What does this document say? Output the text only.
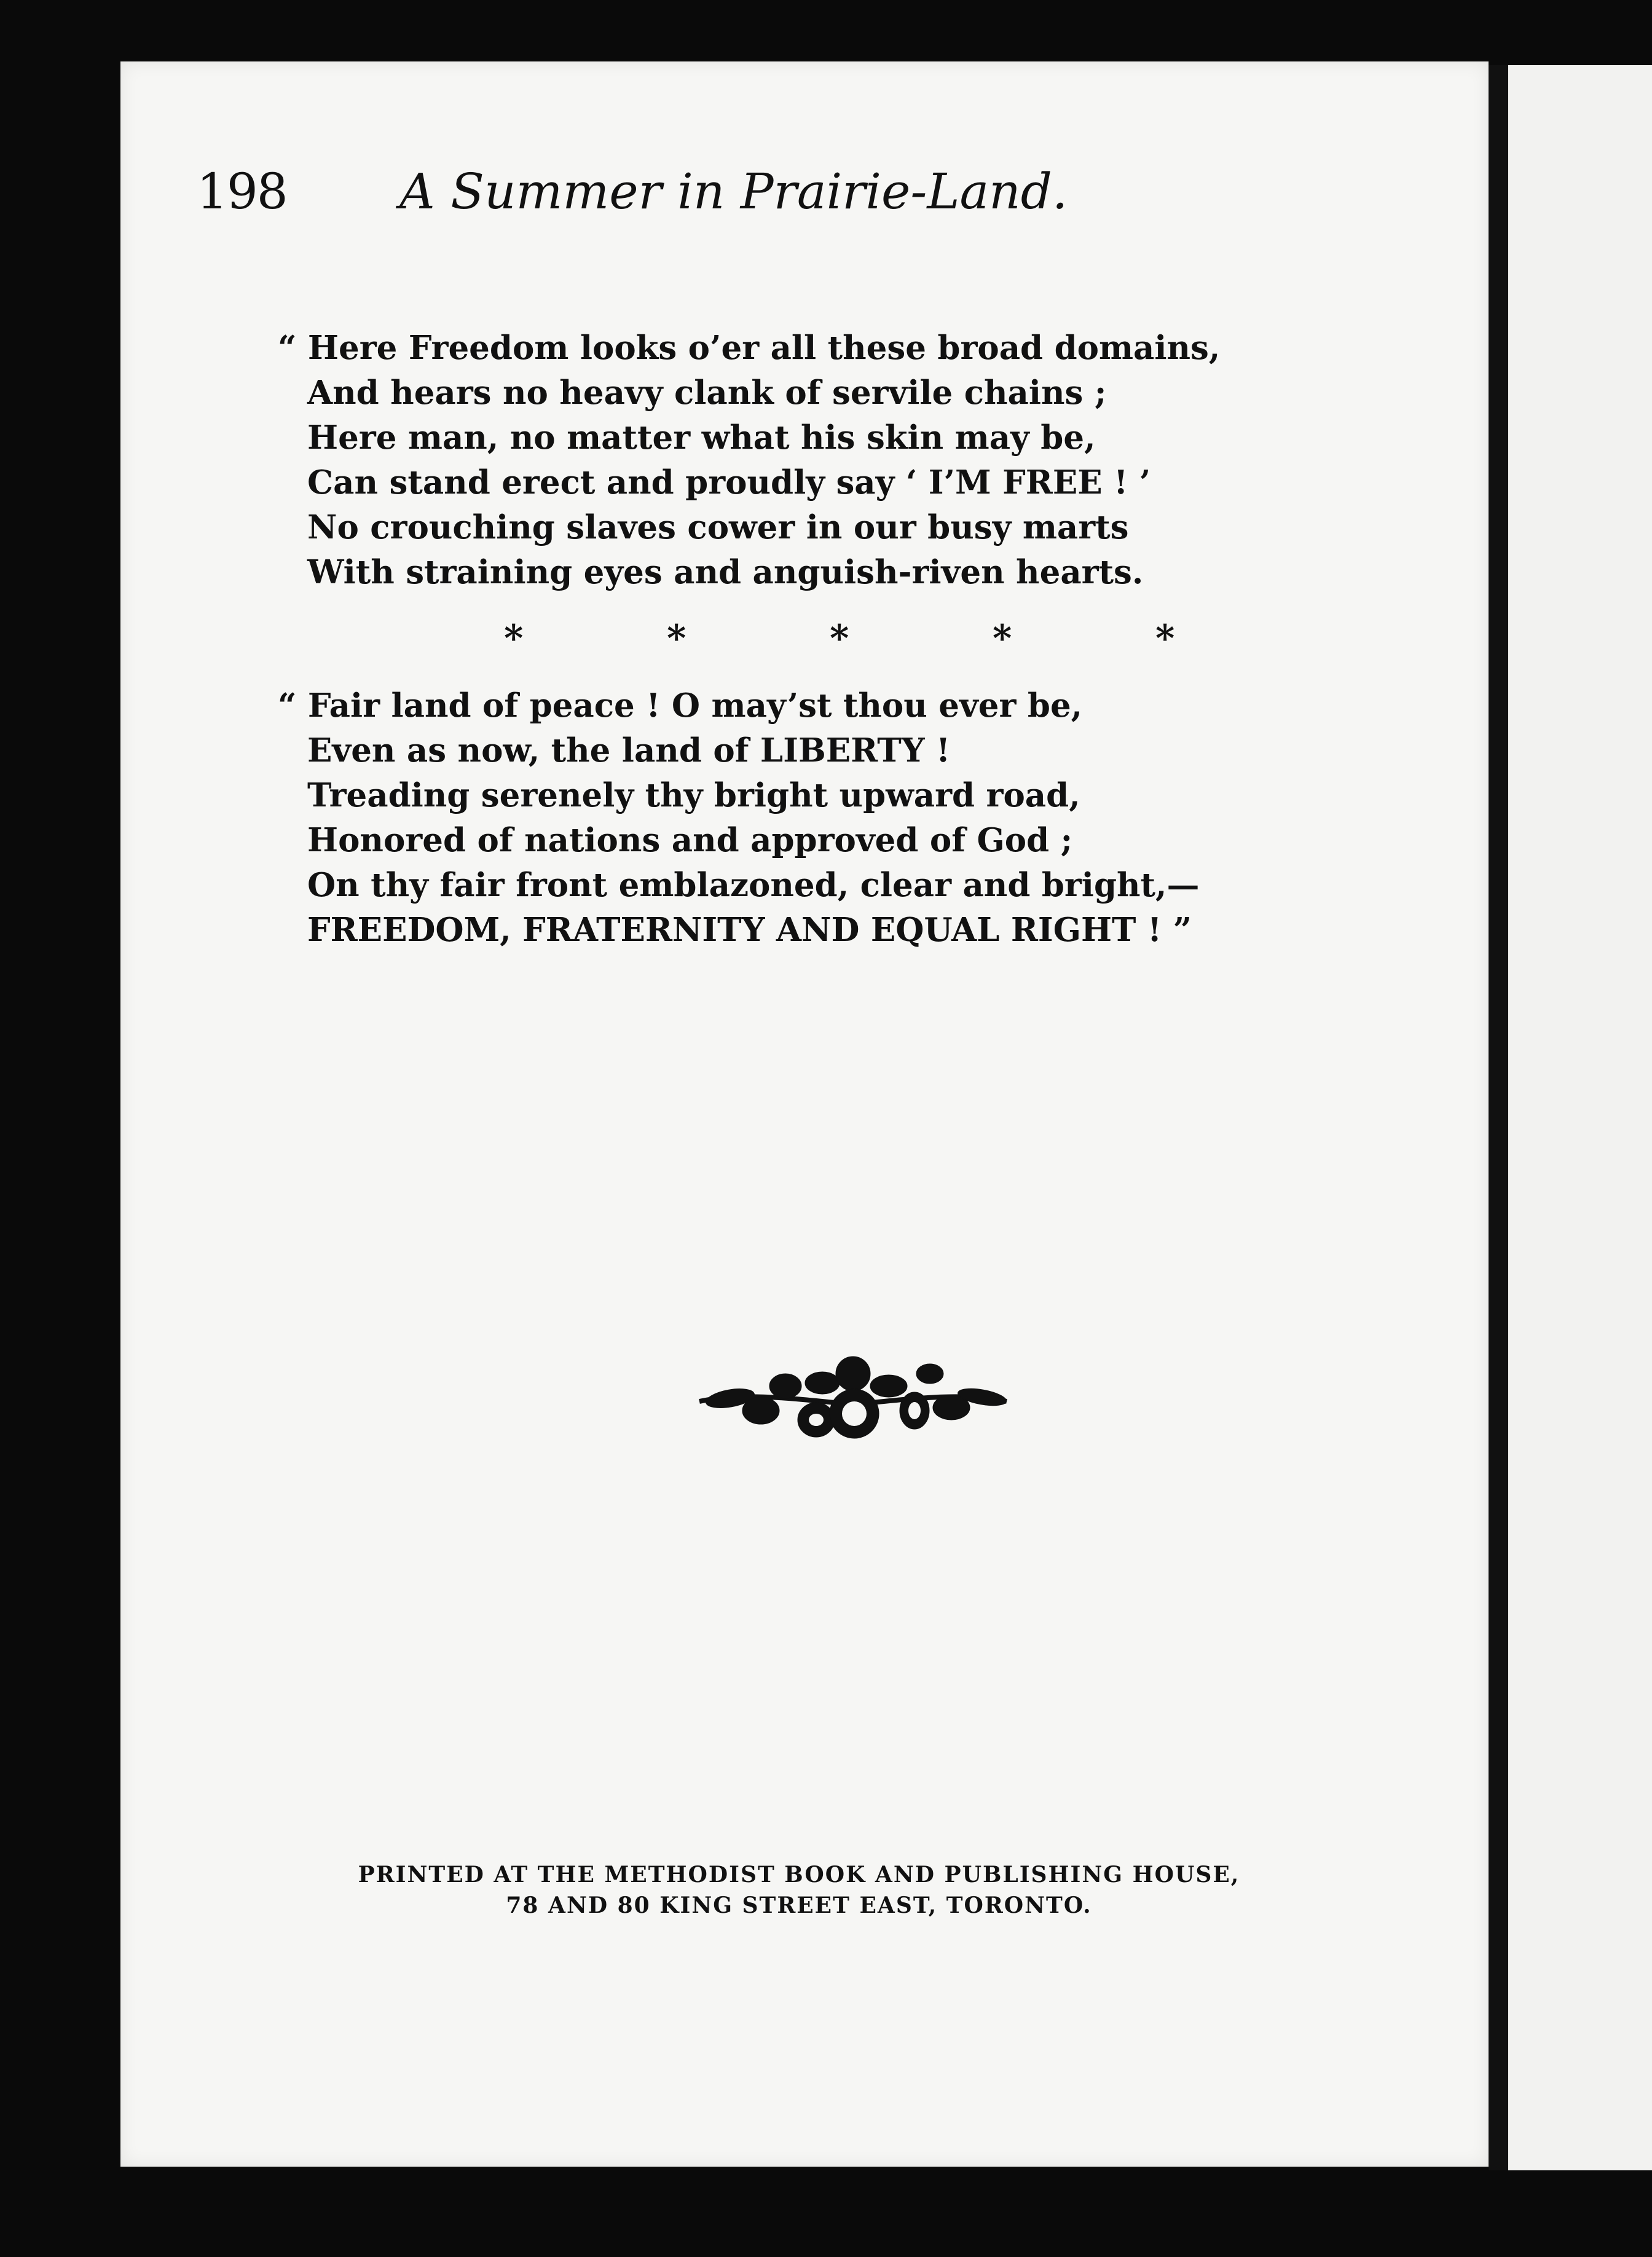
198 A Summer in Prairie-Land.
“ Here Freedom looks o’er all these broad domains,
And hears no heavy clank of servile chains ;
Here man, no matter what his skin may be,
Can stand erect and proudly say ‘ I’M FREE ! ’
No crouching slaves cower in our busy marts
With straining eyes and anguish-riven hearts.
*	*	*	*	*
“ Fair land of peace ! O may’st thou ever be,
Even as now, the land of LIBERTY !
Treading serenely thy bright upward road,
Honored of nations and approved of God ;
On thy fair front emblazoned, clear and bright,—
FREEDOM, FRATERNITY AND EQUAL RIGHT ! ”
PRINTED AT THE METHODIST BOOK AND PUBLISHING HOUSE,
78 AND 80 KING STREET EAST, TORONTO.
